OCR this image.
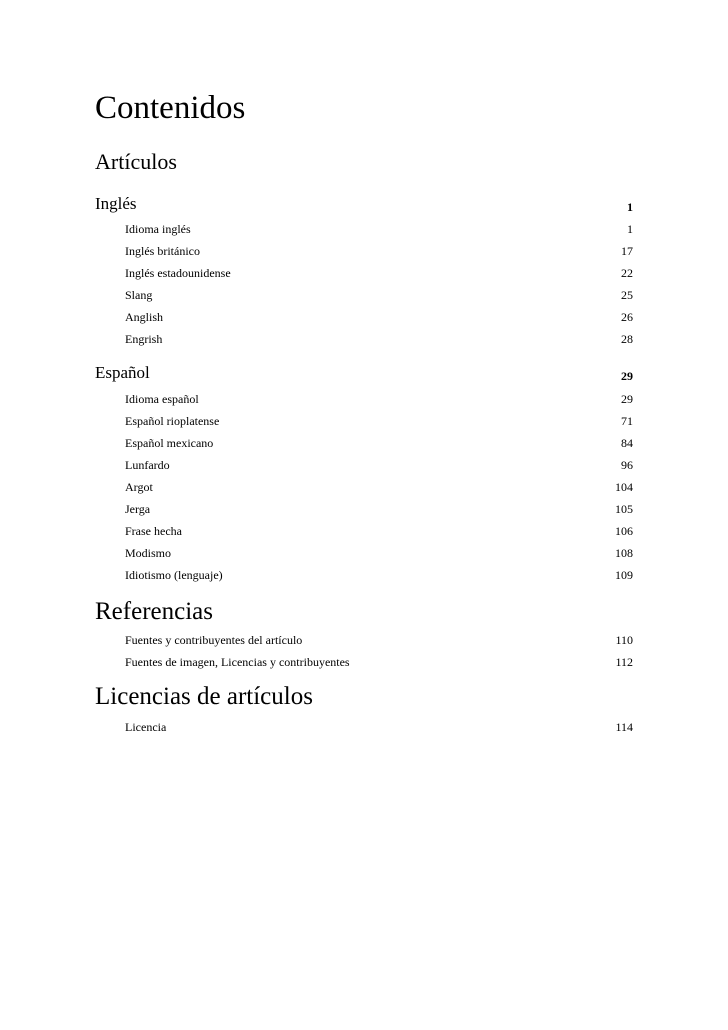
Contenidos
Artículos
Inglés	1
Idioma inglés	1
Inglés británico	17
Inglés estadounidense	22
Slang	25
Anglish	26
Engrish	28
Español	29
Idioma español	29
Español rioplatense	71
Español mexicano	84
Lunfardo	96
Argot	104
Jerga	105
Frase hecha	106
Modismo	108
Idiotismo (lenguaje)	109
Referencias
Fuentes y contribuyentes del artículo	110
Fuentes de imagen, Licencias y contribuyentes	112
Licencias de artículos
Licencia	114
